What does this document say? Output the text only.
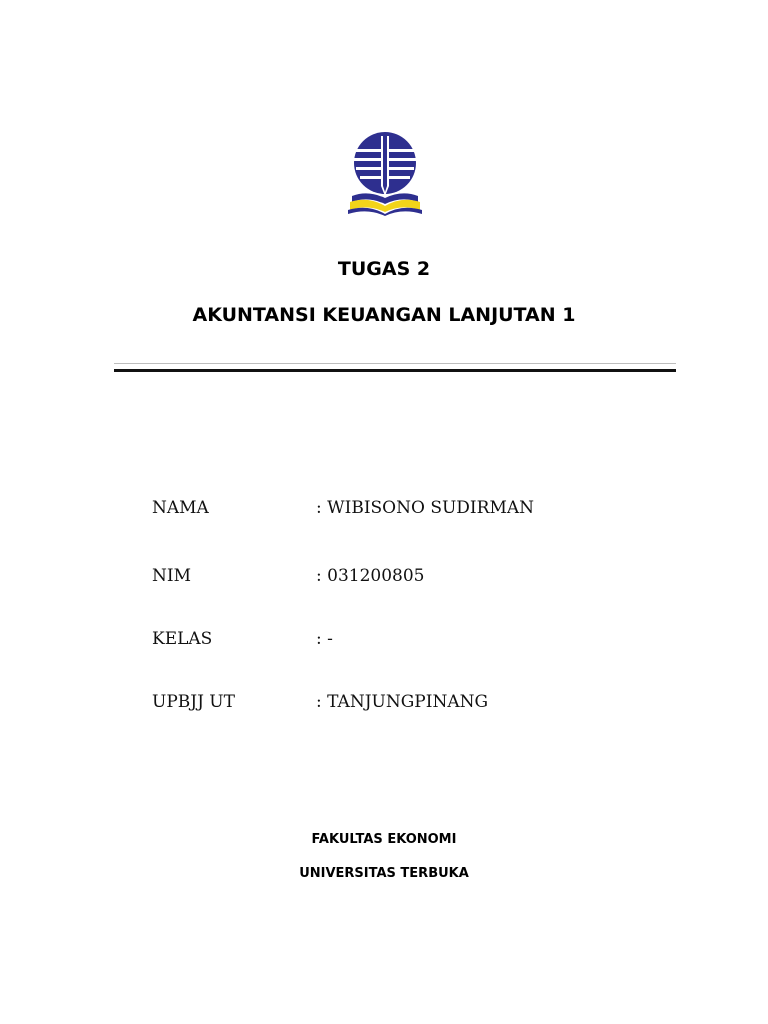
TUGAS 2
AKUNTANSI KEUANGAN LANJUTAN 1
NAMA	: WIBISONO SUDIRMAN
NIM	: 031200805
KELAS	: -
UPBJJ UT	: TANJUNGPINANG

FAKULTAS EKONOMI

UNIVERSITAS TERBUKA
